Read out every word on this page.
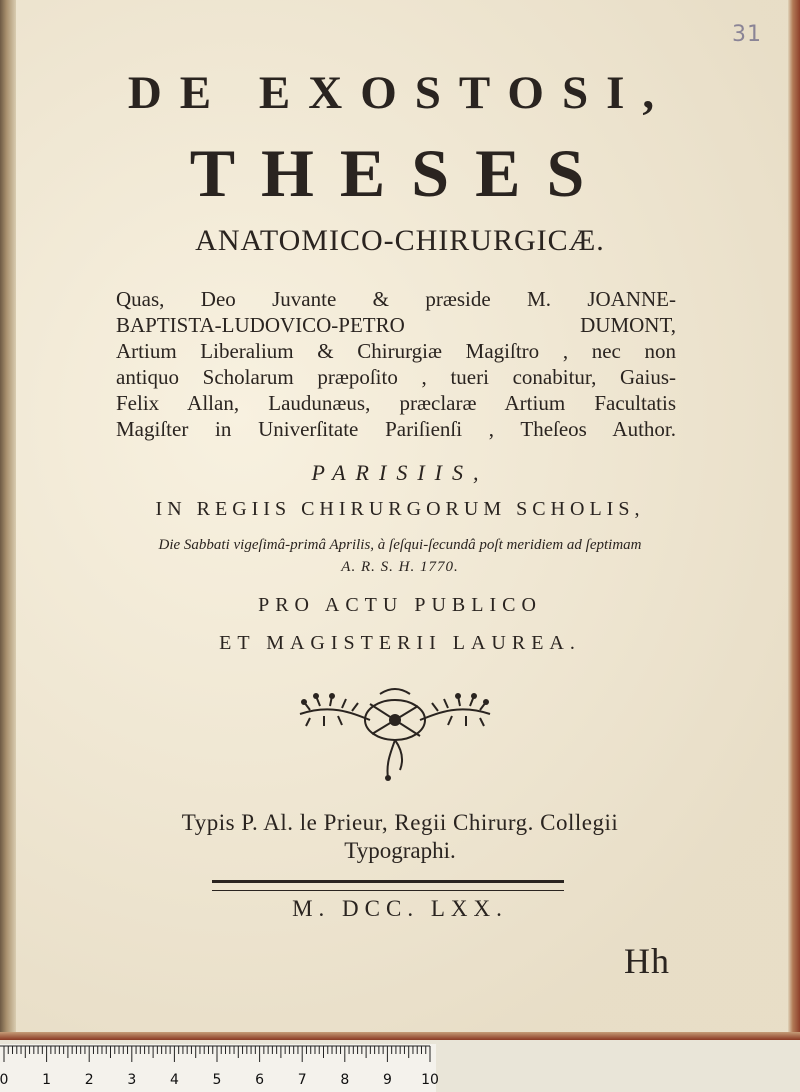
31
DE EXOSTOSI,
THESES
ANATOMICO-CHIRURGICÆ.
Quas, Deo Juvante & præside M. JOANNE-
BAPTISTA-LUDOVICO-PETRO DUMONT,
Artium Liberalium & Chirurgiæ Magiſtro , nec non
antiquo Scholarum præpoſito , tueri conabitur, Gaius-
Felix Allan, Laudunæus, præclaræ Artium Facultatis
Magiſter in Univerſitate Pariſienſi , Theſeos Author.
PARISIIS,
IN REGIIS CHIRURGORUM SCHOLIS,
Die Sabbati vigeſimâ-primâ Aprilis, à ſeſqui-ſecundâ poſt meridiem ad ſeptimam
A. R. S. H. 1770.
PRO ACTU PUBLICO
ET MAGISTERII LAUREA.
Typis P. Al. le Prieur, Regii Chirurg. Collegii
Typographi.
M. DCC. LXX.
Hh
0 1 2 3 4 5 6 7 8 9 10
